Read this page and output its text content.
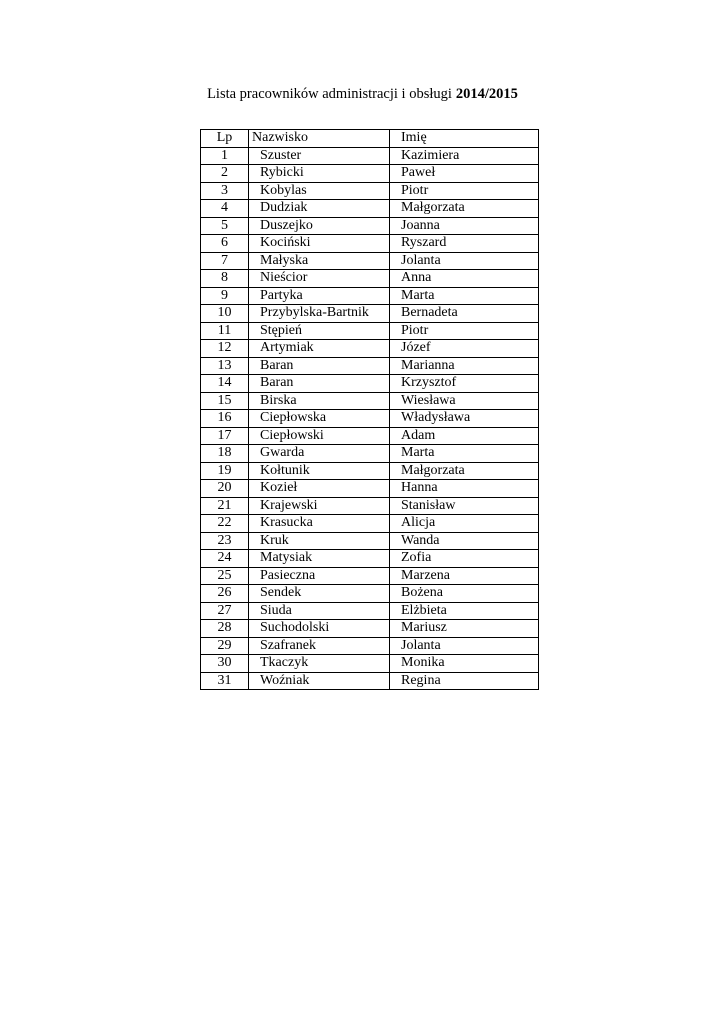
Lista pracowników administracji i obsługi 2014/2015
Lp	Nazwisko	Imię
1	Szuster	Kazimiera
2	Rybicki	Paweł
3	Kobylas	Piotr
4	Dudziak	Małgorzata
5	Duszejko	Joanna
6	Kociński	Ryszard
7	Małyska	Jolanta
8	Nieścior	Anna
9	Partyka	Marta
10	Przybylska-Bartnik	Bernadeta
11	Stępień	Piotr
12	Artymiak	Józef
13	Baran	Marianna
14	Baran	Krzysztof
15	Birska	Wiesława
16	Ciepłowska	Władysława
17	Ciepłowski	Adam
18	Gwarda	Marta
19	Kołtunik	Małgorzata
20	Kozieł	Hanna
21	Krajewski	Stanisław
22	Krasucka	Alicja
23	Kruk	Wanda
24	Matysiak	Zofia
25	Pasieczna	Marzena
26	Sendek	Bożena
27	Siuda	Elżbieta
28	Suchodolski	Mariusz
29	Szafranek	Jolanta
30	Tkaczyk	Monika
31	Woźniak	Regina
